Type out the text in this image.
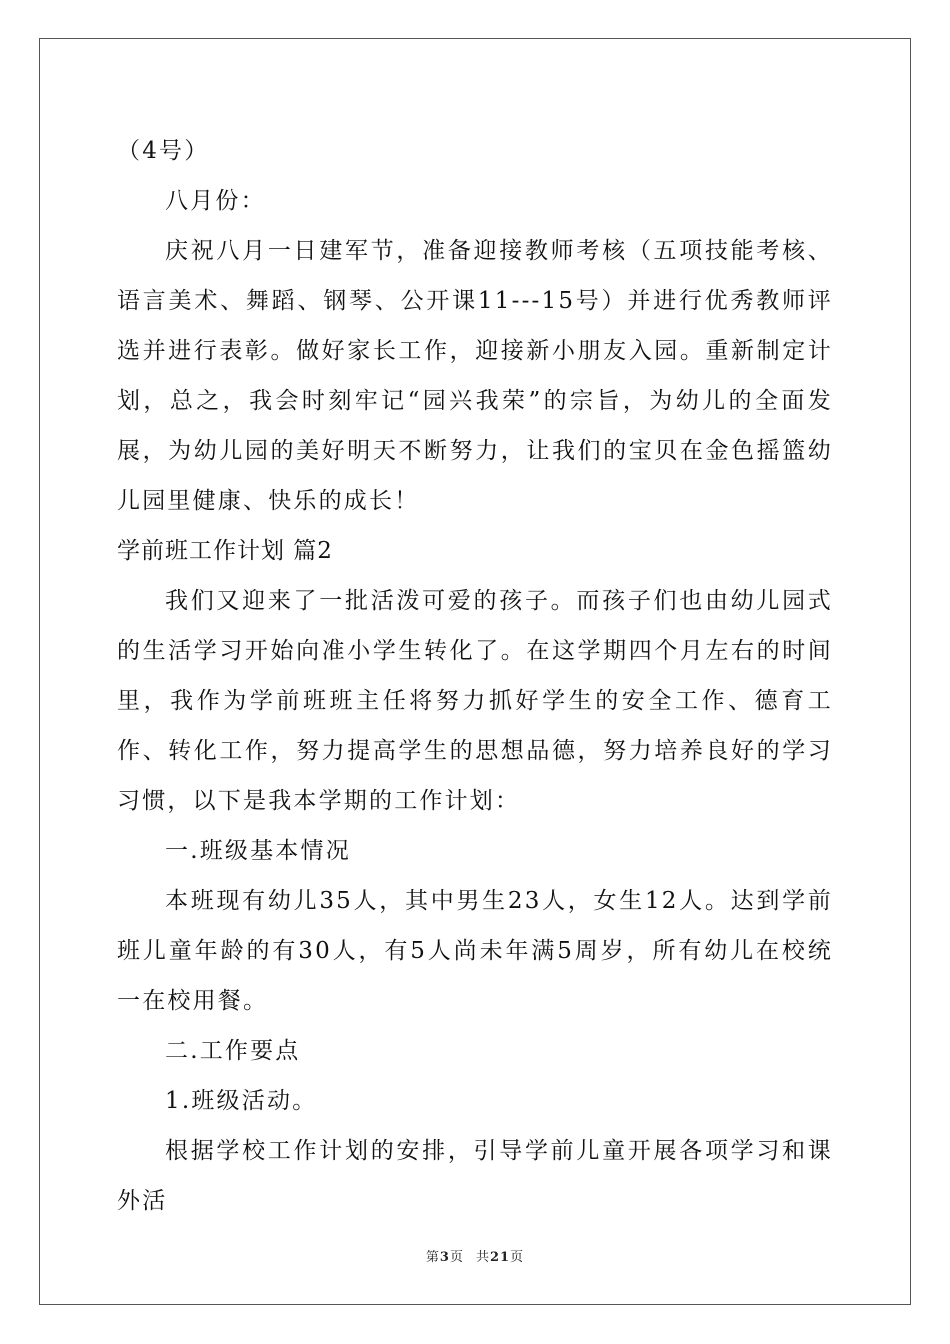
（4号）

八月份：

庆祝八月一日建军节，准备迎接教师考核（五项技能考核、语言美术、舞蹈、钢琴、公开课11---15号）并进行优秀教师评选并进行表彰。做好家长工作，迎接新小朋友入园。重新制定计划，总之，我会时刻牢记“园兴我荣”的宗旨，为幼儿的全面发展，为幼儿园的美好明天不断努力，让我们的宝贝在金色摇篮幼儿园里健康、快乐的成长！

学前班工作计划 篇2

我们又迎来了一批活泼可爱的孩子。而孩子们也由幼儿园式的生活学习开始向准小学生转化了。在这学期四个月左右的时间里，我作为学前班班主任将努力抓好学生的安全工作、德育工作、转化工作，努力提高学生的思想品德，努力培养良好的学习习惯，以下是我本学期的工作计划：

一.班级基本情况

本班现有幼儿35人，其中男生23人，女生12人。达到学前班儿童年龄的有30人，有5人尚未年满5周岁，所有幼儿在校统一在校用餐。

二.工作要点

1.班级活动。

根据学校工作计划的安排，引导学前儿童开展各项学习和课外活

第3页 共21页
